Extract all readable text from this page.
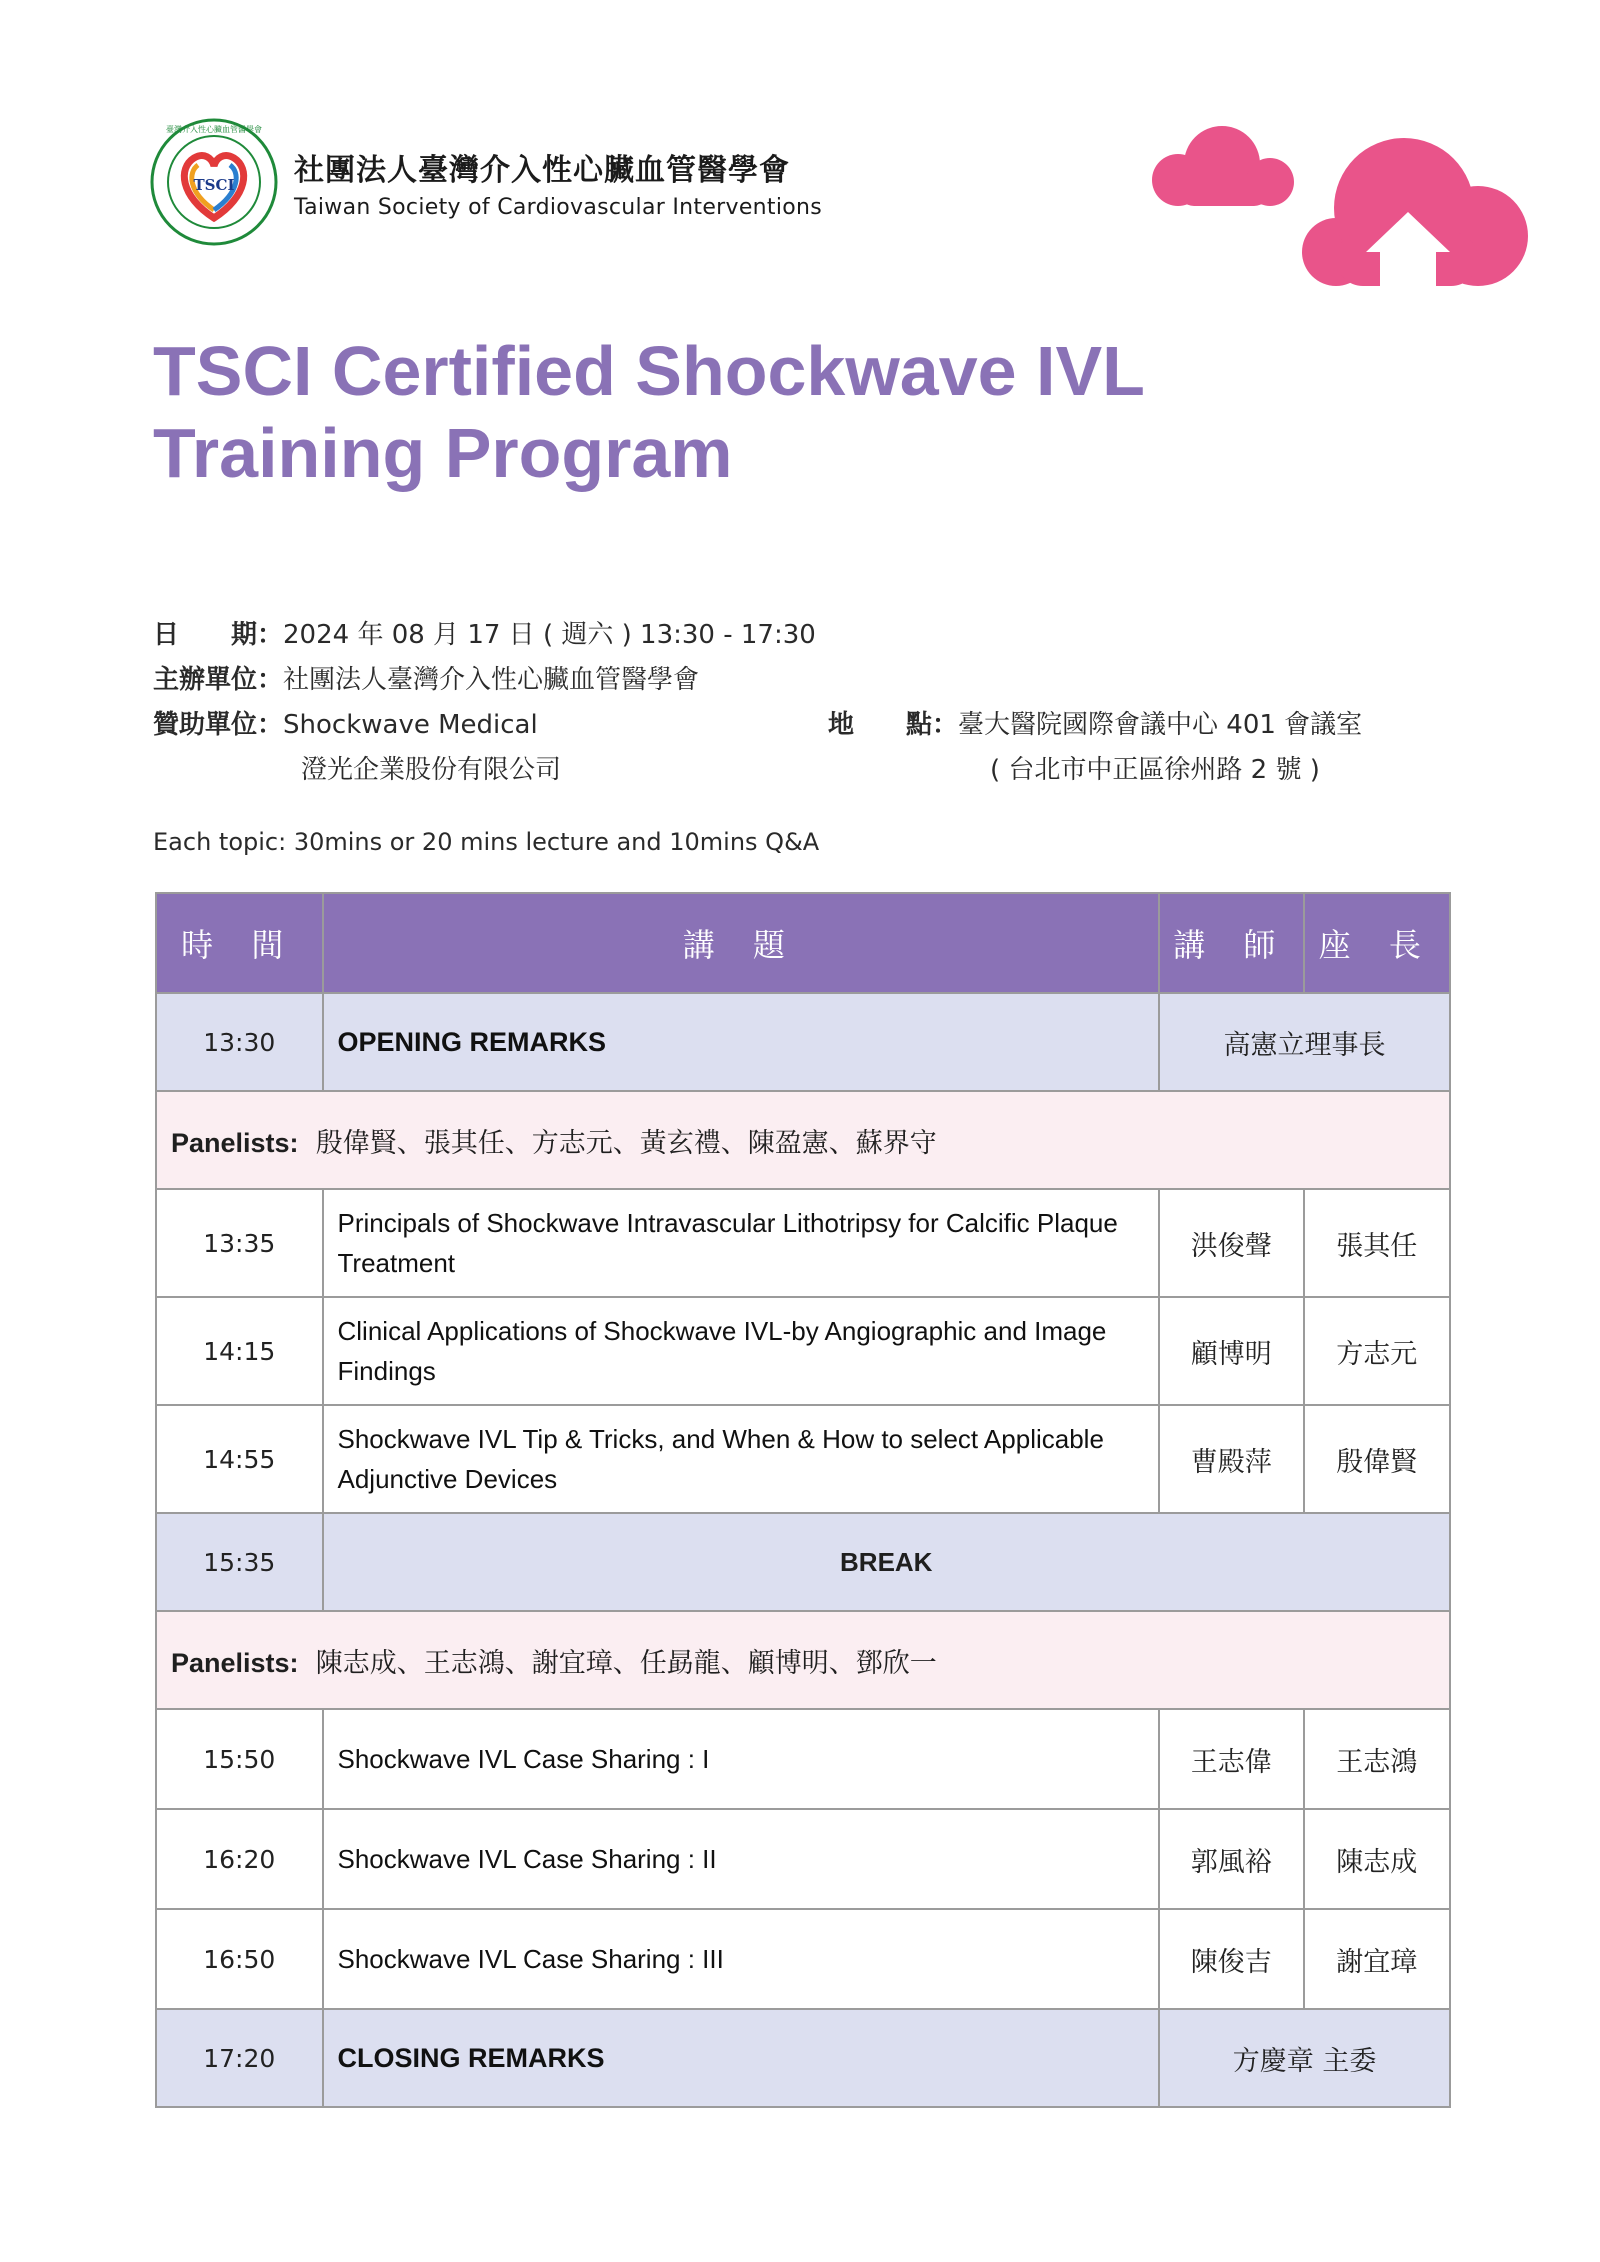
TSCI
臺灣介入性心臟血管醫學會
社團法人臺灣介入性心臟血管醫學會
Taiwan Society of Cardiovascular Interventions
TSCI Certified Shockwave IVL
Training Program
日　　期：2024 年 08 月 17 日 ( 週六 ) 13:30 - 17:30
主辦單位：社團法人臺灣介入性心臟血管醫學會
贊助單位：Shockwave Medical
澄光企業股份有限公司
地　　點：臺大醫院國際會議中心 401 會議室
( 台北市中正區徐州路 2 號 )
Each topic: 30mins or 20 mins lecture and 10mins Q&A
時 間	講 題	講 師	座 長
13:30	OPENING REMARKS	高憲立理事長	
Panelists: 殷偉賢、張其任、方志元、黃玄禮、陳盈憲、蘇界守			
13:35	Principals of Shockwave Intravascular Lithotripsy for Calcific Plaque Treatment	洪俊聲	張其任
14:15	Clinical Applications of Shockwave IVL-by Angiographic and Image Findings	顧博明	方志元
14:55	Shockwave IVL Tip & Tricks, and When & How to select Applicable Adjunctive Devices	曹殿萍	殷偉賢
15:35	BREAK		
Panelists: 陳志成、王志鴻、謝宜璋、任勗龍、顧博明、鄧欣一			
15:50	Shockwave IVL Case Sharing : I	王志偉	王志鴻
16:20	Shockwave IVL Case Sharing : II	郭風裕	陳志成
16:50	Shockwave IVL Case Sharing : III	陳俊吉	謝宜璋
17:20	CLOSING REMARKS	方慶章 主委	
